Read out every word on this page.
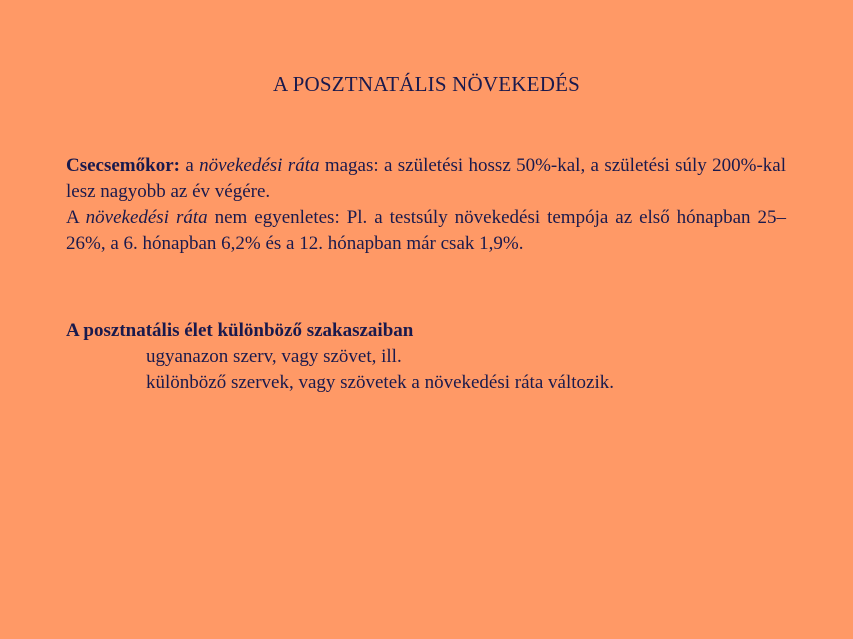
A POSZTNATÁLIS NÖVEKEDÉS
Csecsemőkor: a növekedési ráta magas: a születési hossz 50%-kal, a születési súly 200%-kal lesz nagyobb az év végére.
A növekedési ráta nem egyenletes: Pl. a testsúly növekedési tempója az első hónapban 25–26%, a 6. hónapban 6,2% és a 12. hónapban már csak 1,9%.
A posztnatális élet különböző szakaszaiban
ugyanazon szerv, vagy szövet, ill.
különböző szervek, vagy szövetek a növekedési ráta változik.
